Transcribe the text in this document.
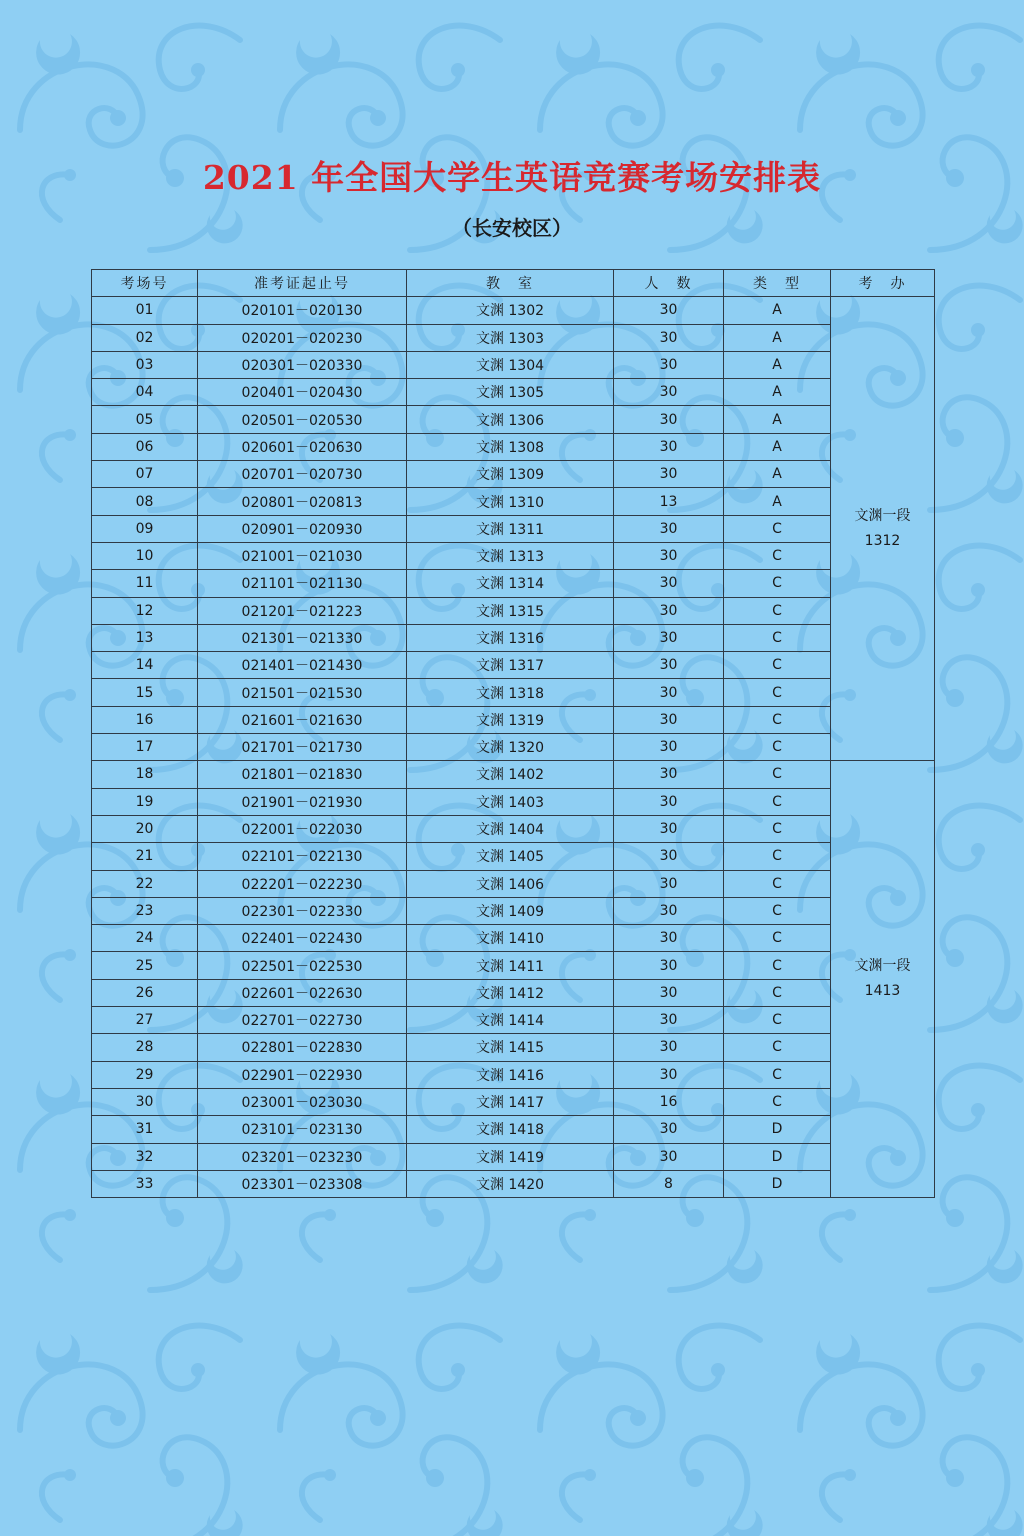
2021 年全国大学生英语竞赛考场安排表
（长安校区）
考场号	准考证起止号	教　室	人　数	类　型	考　办
01	020101－020130	文渊 1302	30	A	文渊一段
1312

02	020201－020230	文渊 1303	30	A	
03	020301－020330	文渊 1304	30	A	
04	020401－020430	文渊 1305	30	A	
05	020501－020530	文渊 1306	30	A	
06	020601－020630	文渊 1308	30	A	
07	020701－020730	文渊 1309	30	A	
08	020801－020813	文渊 1310	13	A	
09	020901－020930	文渊 1311	30	C	
10	021001－021030	文渊 1313	30	C	
11	021101－021130	文渊 1314	30	C	
12	021201－021223	文渊 1315	30	C	
13	021301－021330	文渊 1316	30	C	
14	021401－021430	文渊 1317	30	C	
15	021501－021530	文渊 1318	30	C	
16	021601－021630	文渊 1319	30	C	
17	021701－021730	文渊 1320	30	C	
18	021801－021830	文渊 1402	30	C	文渊一段
1413

19	021901－021930	文渊 1403	30	C	
20	022001－022030	文渊 1404	30	C	
21	022101－022130	文渊 1405	30	C	
22	022201－022230	文渊 1406	30	C	
23	022301－022330	文渊 1409	30	C	
24	022401－022430	文渊 1410	30	C	
25	022501－022530	文渊 1411	30	C	
26	022601－022630	文渊 1412	30	C	
27	022701－022730	文渊 1414	30	C	
28	022801－022830	文渊 1415	30	C	
29	022901－022930	文渊 1416	30	C	
30	023001－023030	文渊 1417	16	C	
31	023101－023130	文渊 1418	30	D	
32	023201－023230	文渊 1419	30	D	
33	023301－023308	文渊 1420	8	D	
